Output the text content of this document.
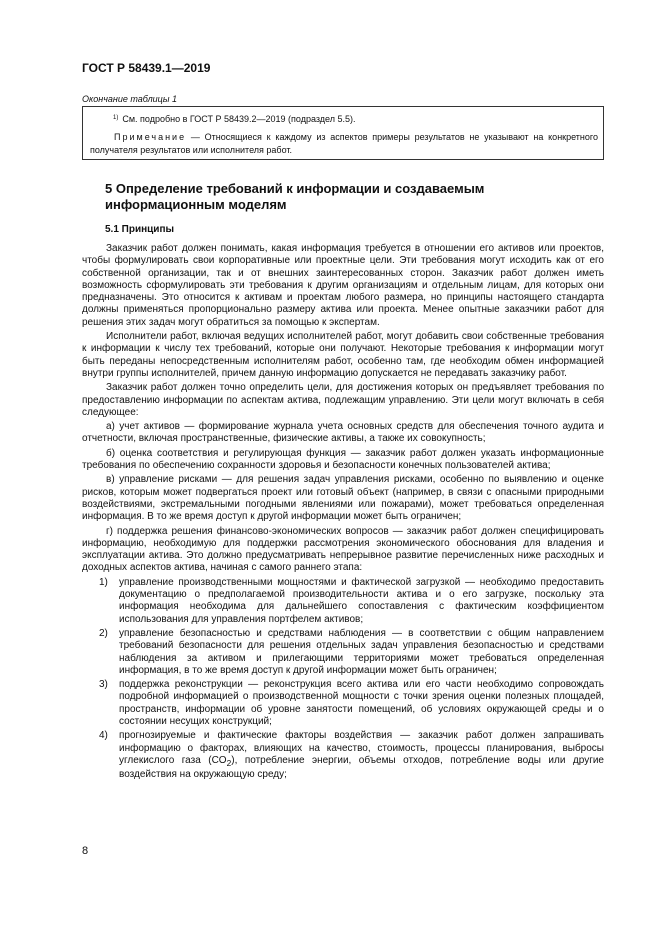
ГОСТ Р 58439.1—2019
Окончание таблицы 1
$^{1)}$ См. подробно в ГОСТ Р 58439.2—2019 (подраздел 5.5).
Примечание — Относящиеся к каждому из аспектов примеры результатов не указывают на конкретного получателя результатов или исполнителя работ.
5 Определение требований к информации и создаваемым информационным моделям
5.1 Принципы

Заказчик работ должен понимать, какая информация требуется в отношении его активов или проектов, чтобы формулировать свои корпоративные или проектные цели. Эти требования могут исходить как от его собственной организации, так и от внешних заинтересованных сторон. Заказчик работ должен иметь возможность сформулировать эти требования к другим организациям и отдельным лицам, для которых они предназначены. Это относится к активам и проектам любого размера, но принципы настоящего стандарта должны применяться пропорционально размеру актива или проекта. Менее опытные заказчики работ для решения этих задач могут обратиться за помощью к экспертам.

Исполнители работ, включая ведущих исполнителей работ, могут добавить свои собственные требования к информации к числу тех требований, которые они получают. Некоторые требования к информации могут быть переданы непосредственным исполнителям работ, особенно там, где необходим обмен информацией внутри группы исполнителей, причем данную информацию допускается не передавать заказчику работ.

Заказчик работ должен точно определить цели, для достижения которых он предъявляет требования по предоставлению информации по аспектам актива, подлежащим управлению. Эти цели могут включать в себя следующее:

а) учет активов — формирование журнала учета основных средств для обеспечения точного аудита и отчетности, включая пространственные, физические активы, а также их совокупность;

б) оценка соответствия и регулирующая функция — заказчик работ должен указать информационные требования по обеспечению сохранности здоровья и безопасности конечных пользователей актива;

в) управление рисками — для решения задач управления рисками, особенно по выявлению и оценке рисков, которым может подвергаться проект или готовый объект (например, в связи с опасными природными воздействиями, экстремальными погодными явлениями или пожарами), может требоваться определенная информация. В то же время доступ к другой информации может быть ограничен;

г) поддержка решения финансово-экономических вопросов — заказчик работ должен специфицировать информацию, необходимую для поддержки рассмотрения экономического обоснования для владения и эксплуатации актива. Это должно предусматривать непрерывное развитие перечисленных ниже расходных и доходных аспектов актива, начиная с самого раннего этапа:

1) управление производственными мощностями и фактической загрузкой — необходимо предоставить документацию о предполагаемой производительности актива и о его загрузке, поскольку эта информация необходима для дальнейшего сопоставления с фактическим коэффициентом использования для управления портфелем активов;
2) управление безопасностью и средствами наблюдения — в соответствии с общим направлением требований безопасности для решения отдельных задач управления безопасностью и средствами наблюдения за активом и прилегающими территориями может требоваться определенная информация, в то же время доступ к другой информации может быть ограничен;
3) поддержка реконструкции — реконструкция всего актива или его части необходимо сопровождать подробной информацией о производственной мощности с точки зрения оценки полезных площадей, пространств, информации об уровне занятости помещений, об условиях окружающей среды и о состоянии несущих конструкций;
4) прогнозируемые и фактические факторы воздействия — заказчик работ должен запрашивать информацию о факторах, влияющих на качество, стоимость, процессы планирования, выбросы углекислого газа $(CO_2)$, потребление энергии, объемы отходов, потребление воды или другие воздействия на окружающую среду;
8
